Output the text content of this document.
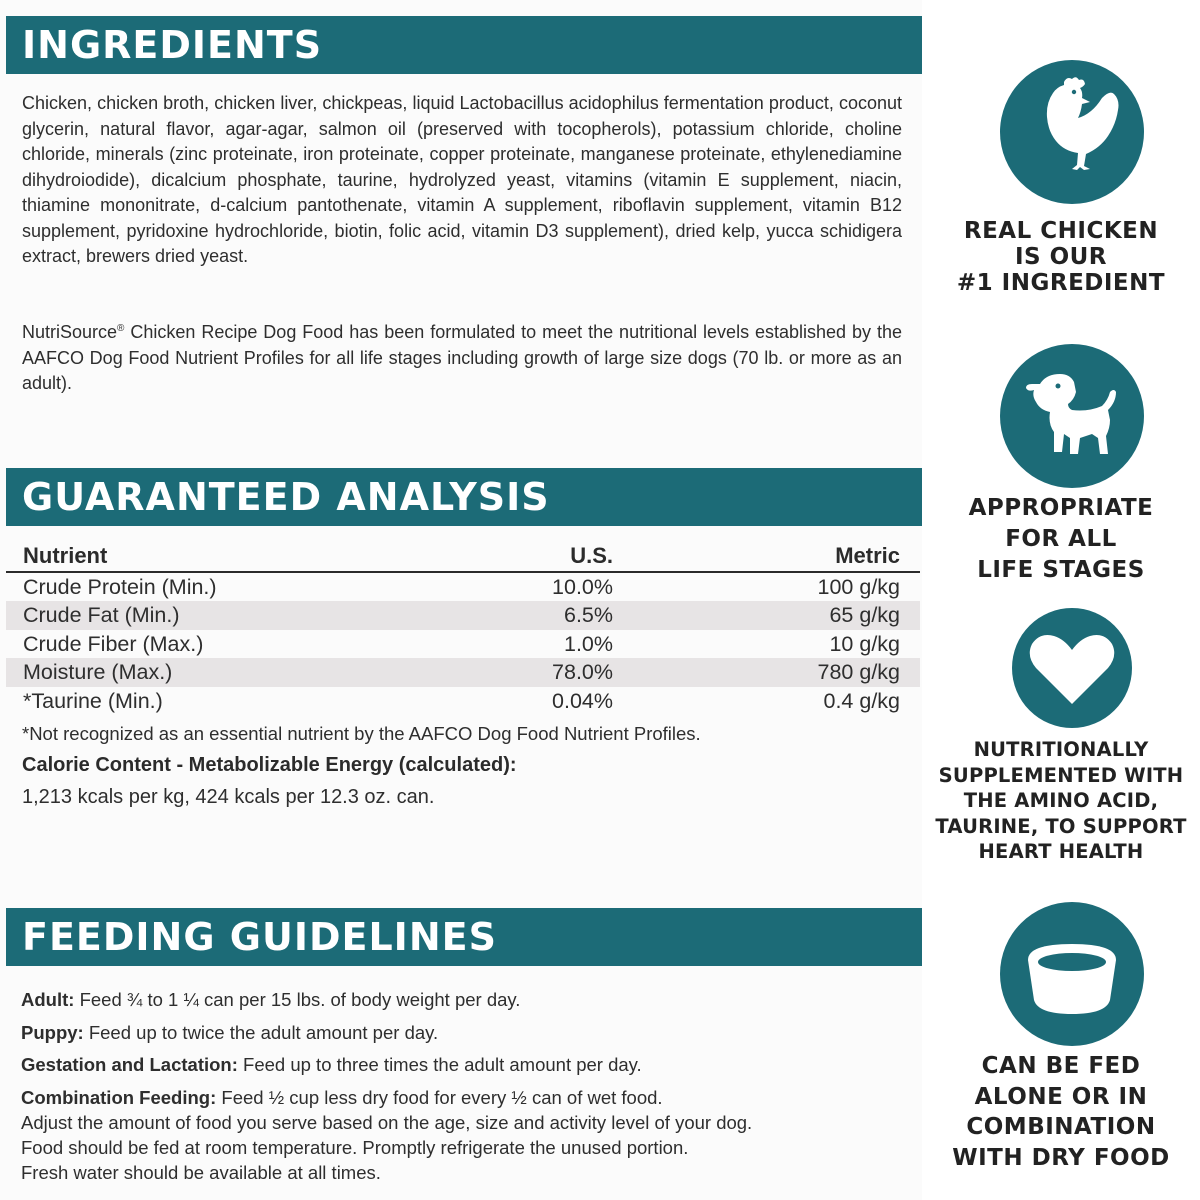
INGREDIENTS

Chicken, chicken broth, chicken liver, chickpeas, liquid Lactobacillus acidophilus fermentation product, coconut glycerin, natural flavor, agar-agar, salmon oil (preserved with tocopherols), potassium chloride, choline chloride, minerals (zinc proteinate, iron proteinate, copper proteinate, manganese proteinate, ethylenediamine dihydroiodide), dicalcium phosphate, taurine, hydrolyzed yeast, vitamins (vitamin E supplement, niacin, thiamine mononitrate, d-calcium pantothenate, vitamin A supplement, riboflavin supplement, vitamin B12 supplement, pyridoxine hydrochloride, biotin, folic acid, vitamin D3 supplement), dried kelp, yucca schidigera extract, brewers dried yeast.

NutriSource® Chicken Recipe Dog Food has been formulated to meet the nutritional levels established by the AAFCO Dog Food Nutrient Profiles for all life stages including growth of large size dogs (70 lb. or more as an adult).

GUARANTEED ANALYSIS
Nutrient	U.S.	Metric
Crude Protein (Min.)	10.0%	100 g/kg
Crude Fat (Min.)	6.5%	65 g/kg
Crude Fiber (Max.)	1.0%	10 g/kg
Moisture (Max.)	78.0%	780 g/kg
*Taurine (Min.)	0.04%	0.4 g/kg
*Not recognized as an essential nutrient by the AAFCO Dog Food Nutrient Profiles.
Calorie Content - Metabolizable Energy (calculated):
1,213 kcals per kg, 424 kcals per 12.3 oz. can.
FEEDING GUIDELINES
Adult: Feed ¾ to 1 ¼ can per 15 lbs. of body weight per day.
Puppy: Feed up to twice the adult amount per day.
Gestation and Lactation: Feed up to three times the adult amount per day.
Combination Feeding: Feed ½ cup less dry food for every ½ can of wet food.
Adjust the amount of food you serve based on the age, size and activity level of your dog.
Food should be fed at room temperature. Promptly refrigerate the unused portion.
Fresh water should be available at all times.
REAL CHICKEN
IS OUR
#1 INGREDIENT
APPROPRIATE
FOR ALL
LIFE STAGES
NUTRITIONALLY
SUPPLEMENTED WITH
THE AMINO ACID,
TAURINE, TO SUPPORT
HEART HEALTH
CAN BE FED
ALONE OR IN
COMBINATION
WITH DRY FOOD
